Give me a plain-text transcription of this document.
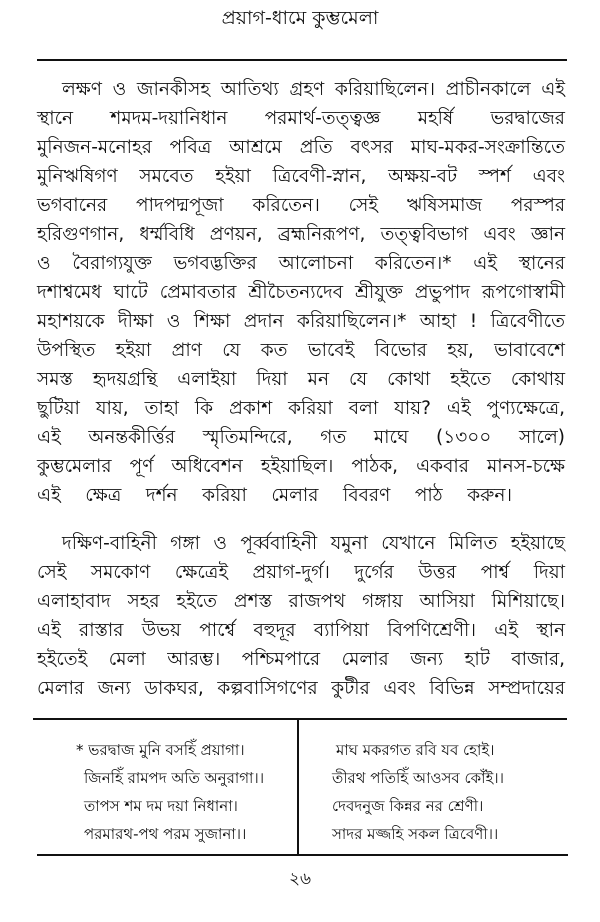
প্রয়াগ-ধামে কুম্ভমেলা
লক্ষণ ও জানকীসহ আতিথ্য গ্রহণ করিয়াছিলেন। প্রাচীনকালে এই
স্থানে শমদম-দয়ানিধান পরমার্থ-তত্ত্বজ্ঞ মহর্ষি ভরদ্বাজের
মুনিজন-মনোহর পবিত্র আশ্রমে প্রতি বৎসর মাঘ-মকর-সংক্রান্তিতে
মুনিঋষিগণ সমবেত হইয়া ত্রিবেণী-স্নান, অক্ষয়-বট স্পর্শ এবং
ভগবানের পাদপদ্মপূজা করিতেন। সেই ঋষিসমাজ পরস্পর
হরিগুণগান, ধর্ম্মবিধি প্রণয়ন, ব্রহ্মনিরূপণ, তত্ত্ববিভাগ এবং জ্ঞান
ও বৈরাগ্যযুক্ত ভগবদ্ভক্তির আলোচনা করিতেন।* এই স্থানের
দশাশ্বমেধ ঘাটে প্রেমাবতার শ্রীচৈতন্যদেব শ্রীযুক্ত প্রভুপাদ রূপগোস্বামী
মহাশয়কে দীক্ষা ও শিক্ষা প্রদান করিয়াছিলেন।* আহা ! ত্রিবেণীতে
উপস্থিত হইয়া প্রাণ যে কত ভাবেই বিভোর হয়, ভাবাবেশে
সমস্ত হৃদয়গ্রন্থি এলাইয়া দিয়া মন যে কোথা হইতে কোথায়
ছুটিয়া যায়, তাহা কি প্রকাশ করিয়া বলা যায়? এই পুণ্যক্ষেত্রে,
এই অনন্তকীর্ত্তির স্মৃতিমন্দিরে, গত মাঘে (১৩০০ সালে)
কুম্ভমেলার পূর্ণ অধিবেশন হইয়াছিল। পাঠক, একবার মানস-চক্ষে
এই ক্ষেত্র দর্শন করিয়া মেলার বিবরণ পাঠ করুন।
দক্ষিণ-বাহিনী গঙ্গা ও পূর্ব্ববাহিনী যমুনা যেখানে মিলিত হইয়াছে
সেই সমকোণ ক্ষেত্রেই প্রয়াগ-দুর্গ। দুর্গের উত্তর পার্শ্ব দিয়া
এলাহাবাদ সহর হইতে প্রশস্ত রাজপথ গঙ্গায় আসিয়া মিশিয়াছে।
এই রাস্তার উভয় পার্শ্বে বহুদূর ব্যাপিয়া বিপণিশ্রেণী। এই স্থান
হইতেই মেলা আরম্ভ। পশ্চিমপারে মেলার জন্য হাট বাজার,
মেলার জন্য ডাকঘর, কল্পবাসিগণের কুটীর এবং বিভিন্ন সম্প্রদায়ের
* ভরদ্বাজ মুনি বসহিঁ প্রয়াগা।
জিনহিঁ রামপদ অতি অনুরাগা।।
তাপস শম দম দয়া নিধানা।
পরমারথ-পথ পরম সুজানা।।
মাঘ মকরগত রবি যব হোই।
তীরথ পতিহিঁ আওসব কোঁই।।
দেবদনুজ কিন্নর নর শ্রেণী।
সাদর মজ্জহি সকল ত্রিবেণী।।
২৬
